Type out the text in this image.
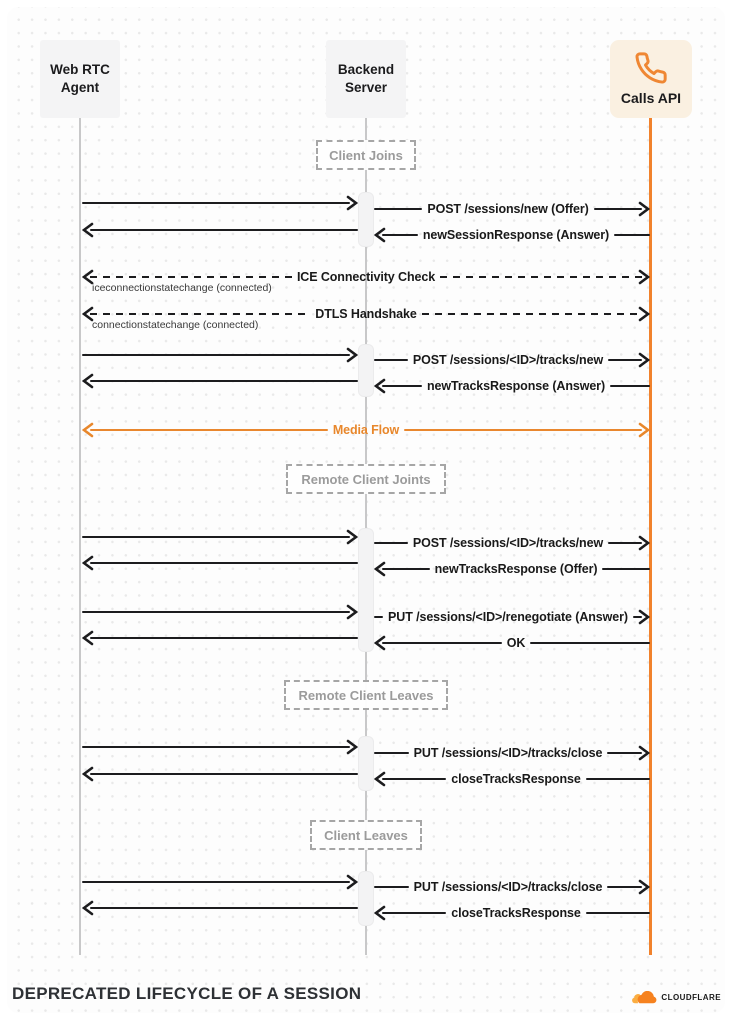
POST /sessions/new (Offer)
newSessionResponse (Answer)
ICE Connectivity Check
iceconnectionstatechange (connected)
DTLS Handshake
connectionstatechange (connected)
POST /sessions/<ID>/tracks/new
newTracksResponse (Answer)
Media Flow
POST /sessions/<ID>/tracks/new
newTracksResponse (Offer)
PUT /sessions/<ID>/renegotiate (Answer)
OK
PUT /sessions/<ID>/tracks/close
closeTracksResponse
PUT /sessions/<ID>/tracks/close
closeTracksResponse
Client Joins
Remote Client Joints
Remote Client Leaves
Client Leaves
Web RTC Agent
Backend Server
Calls API
DEPRECATED LIFECYCLE OF A SESSION	CLOUDFLARE
